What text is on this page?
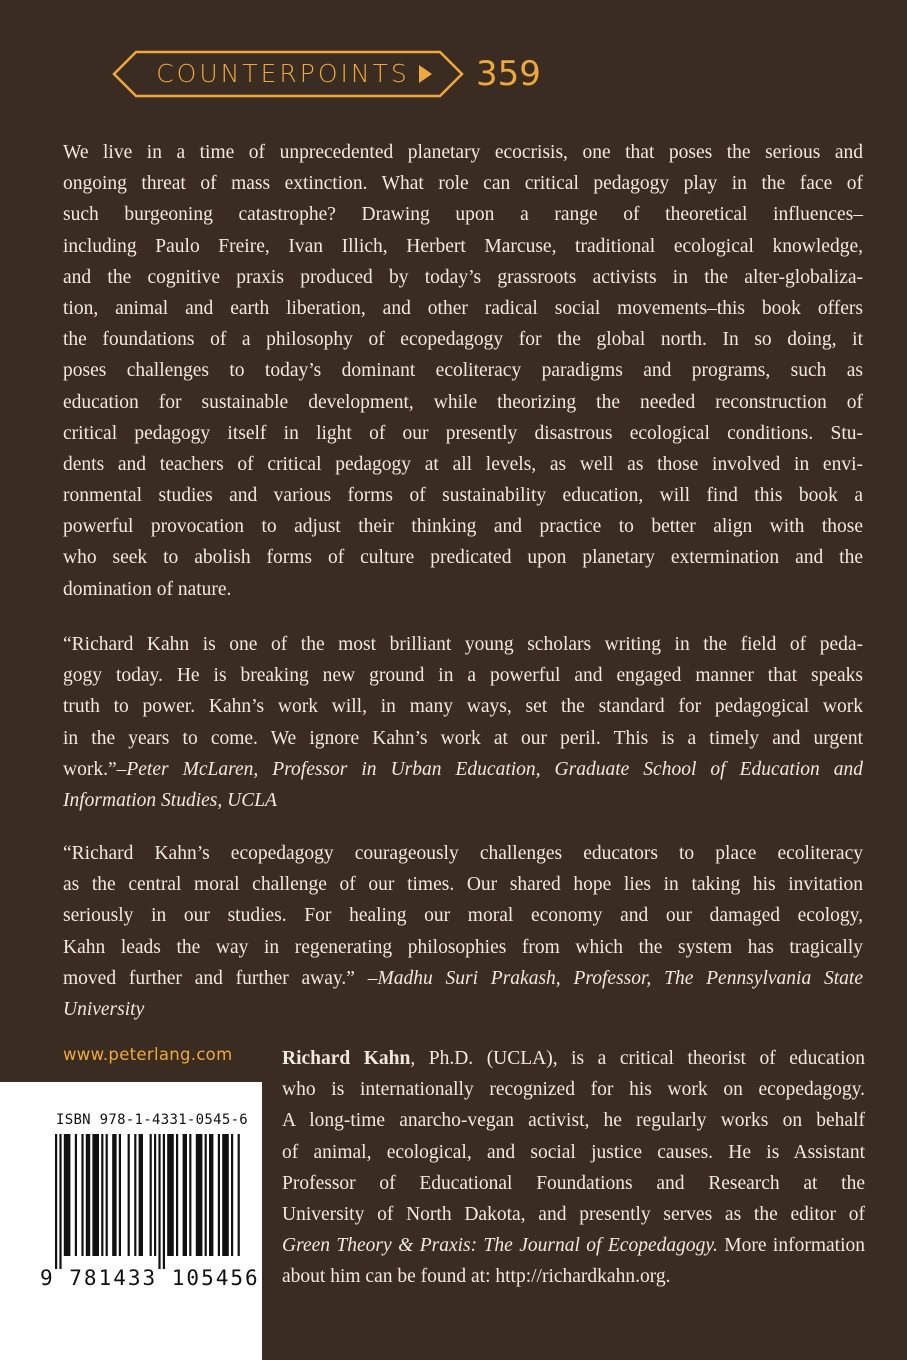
COUNTERPOINTS	359
We live in a time of unprecedented planetary ecocrisis, one that poses the serious and
ongoing threat of mass extinction. What role can critical pedagogy play in the face of
such burgeoning catastrophe? Drawing upon a range of theoretical influences–
including Paulo Freire, Ivan Illich, Herbert Marcuse, traditional ecological knowledge,
and the cognitive praxis produced by today’s grassroots activists in the alter-globaliza-
tion, animal and earth liberation, and other radical social movements–this book offers
the foundations of a philosophy of ecopedagogy for the global north. In so doing, it
poses challenges to today’s dominant ecoliteracy paradigms and programs, such as
education for sustainable development, while theorizing the needed reconstruction of
critical pedagogy itself in light of our presently disastrous ecological conditions. Stu-
dents and teachers of critical pedagogy at all levels, as well as those involved in envi-
ronmental studies and various forms of sustainability education, will find this book a
powerful provocation to adjust their thinking and practice to better align with those
who seek to abolish forms of culture predicated upon planetary extermination and the
domination of nature.
“Richard Kahn is one of the most brilliant young scholars writing in the field of peda-
gogy today. He is breaking new ground in a powerful and engaged manner that speaks
truth to power. Kahn’s work will, in many ways, set the standard for pedagogical work
in the years to come. We ignore Kahn’s work at our peril. This is a timely and urgent
work.”–Peter McLaren, Professor in Urban Education, Graduate School of Education and
Information Studies, UCLA
“Richard Kahn’s ecopedagogy courageously challenges educators to place ecoliteracy
as the central moral challenge of our times. Our shared hope lies in taking his invitation
seriously in our studies. For healing our moral economy and our damaged ecology,
Kahn leads the way in regenerating philosophies from which the system has tragically
moved further and further away.” –Madhu Suri Prakash, Professor, The Pennsylvania State
University
www.peterlang.com	Richard Kahn, Ph.D. (UCLA), is a critical theorist of education
who is internationally recognized for his work on ecopedagogy.
A long-time anarcho-vegan activist, he regularly works on behalf
of animal, ecological, and social justice causes. He is Assistant
Professor of Educational Foundations and Research at the
University of North Dakota, and presently serves as the editor of
Green Theory & Praxis: The Journal of Ecopedagogy. More information
about him can be found at: http://richardkahn.org.
ISBN 978-1-4331-0545-6
9 781433 105456
